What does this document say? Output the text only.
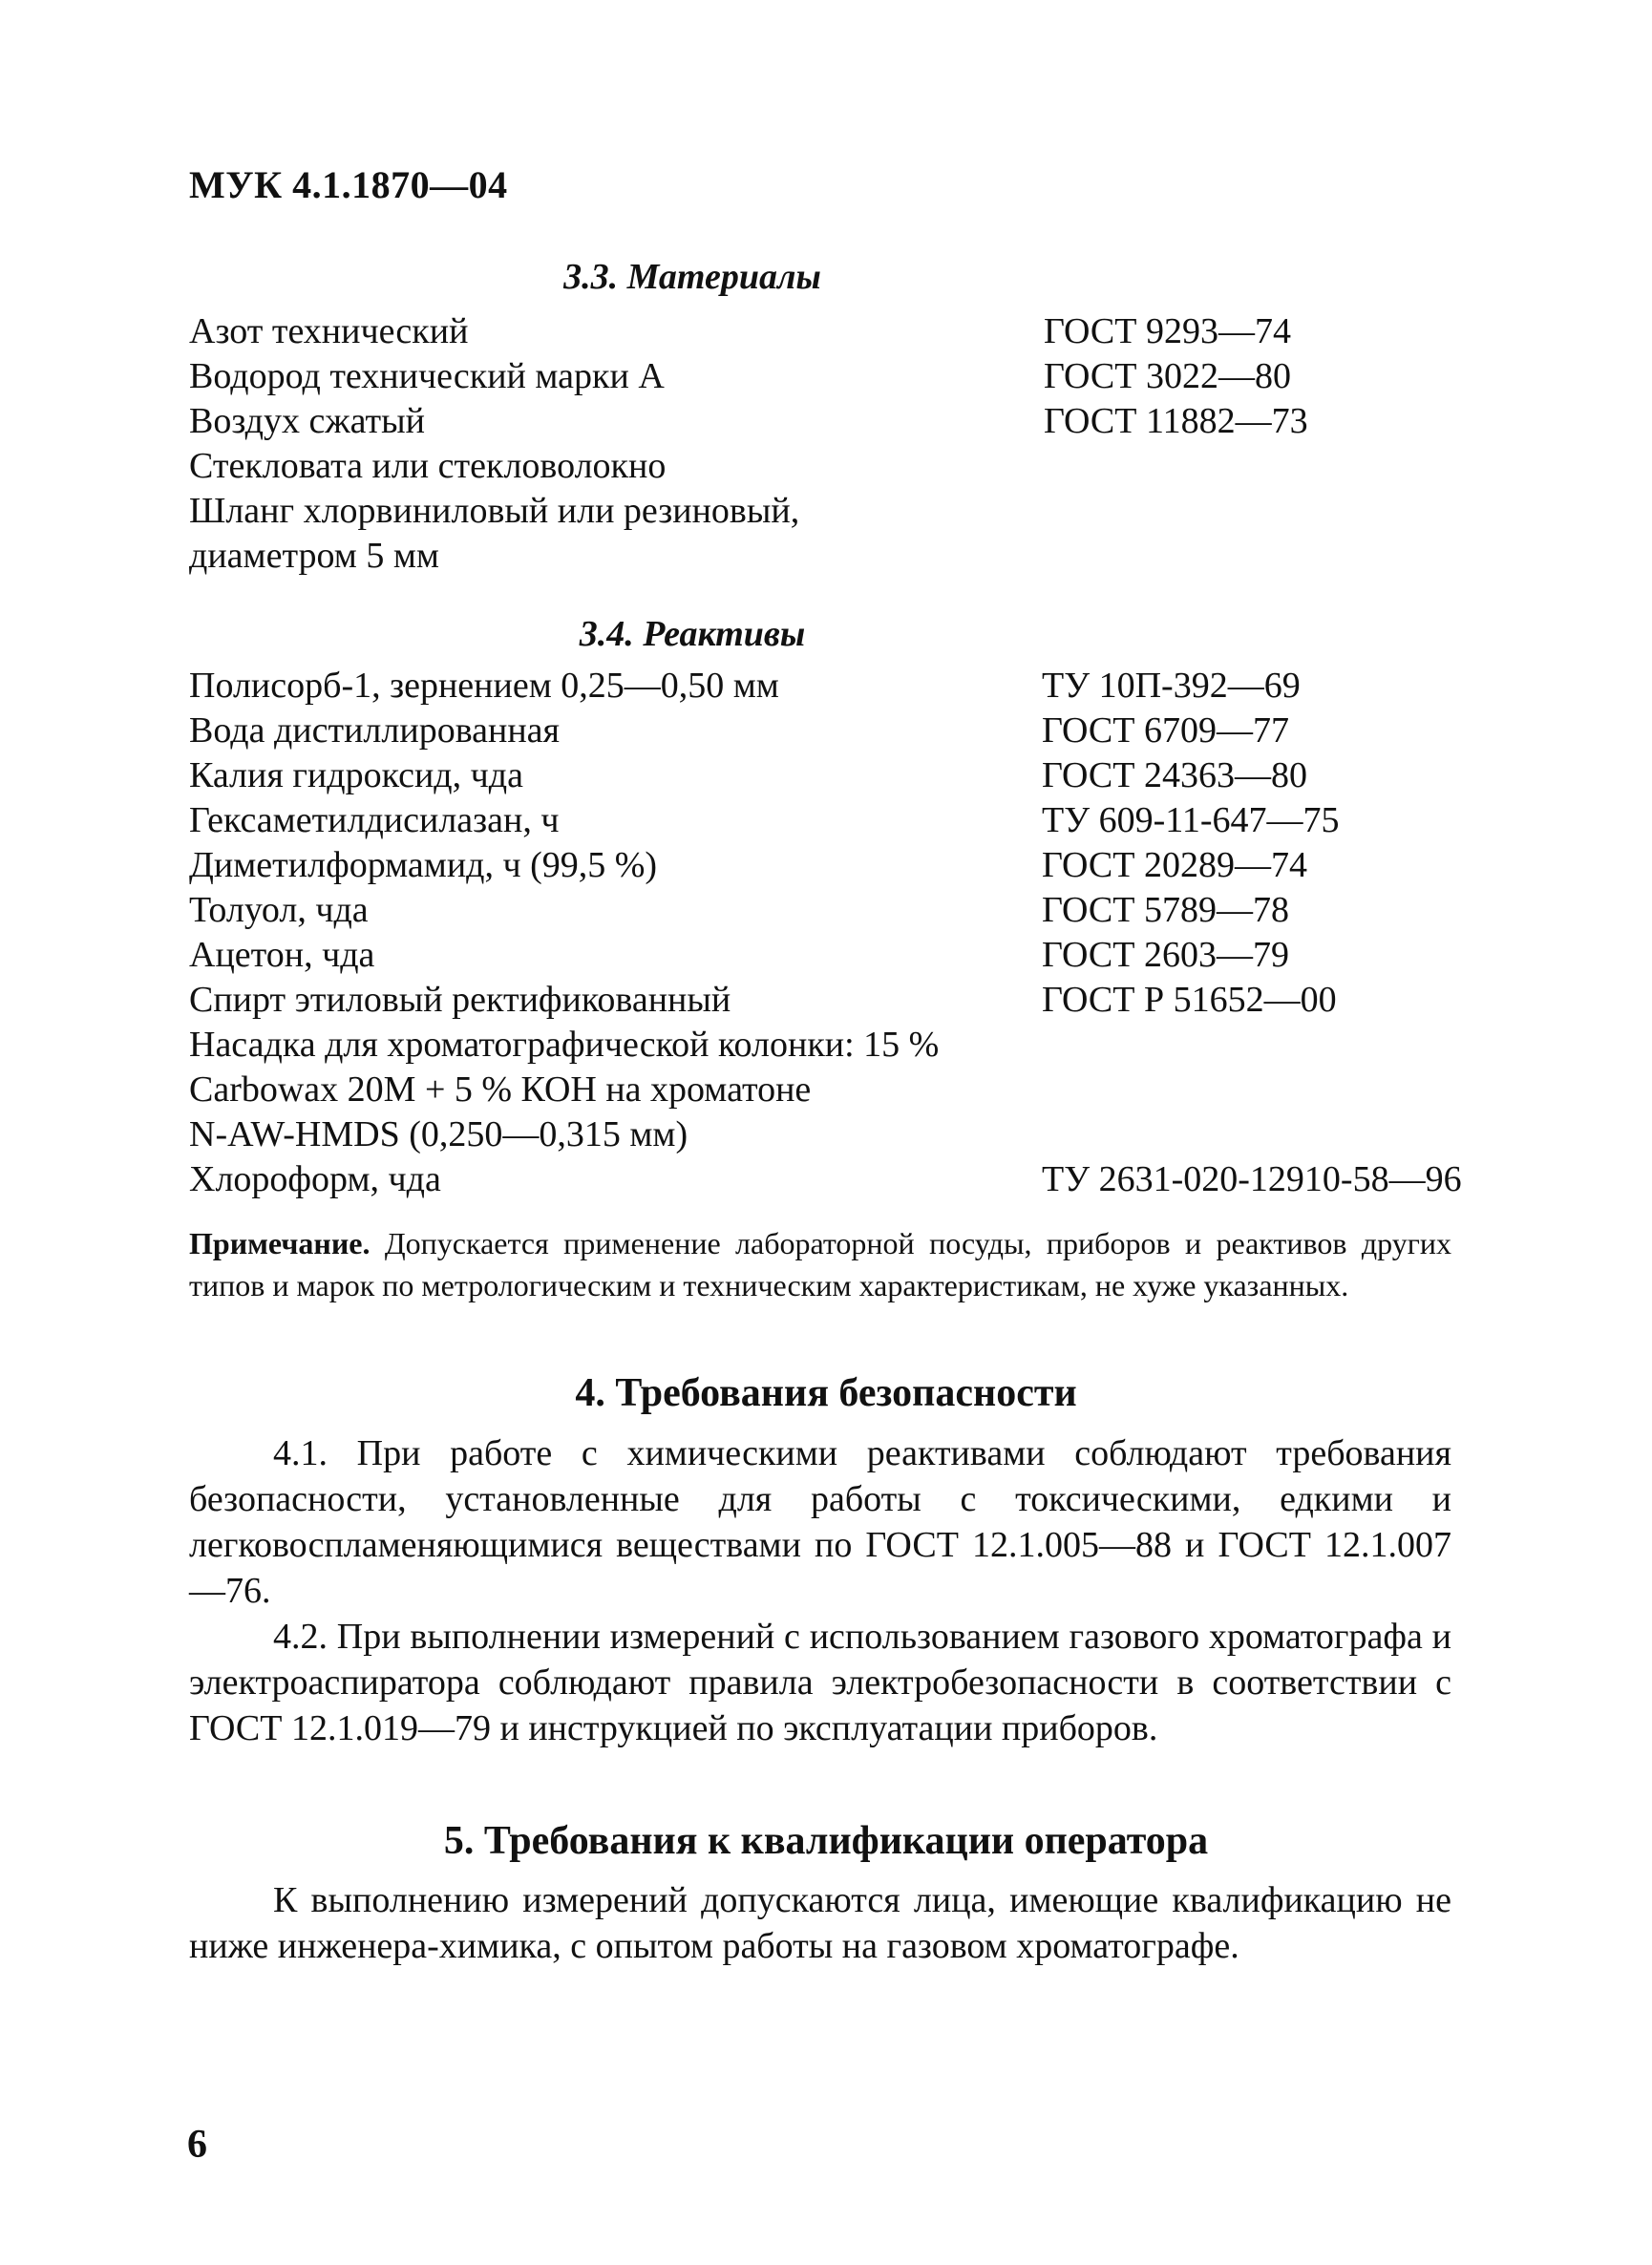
МУК 4.1.1870—04
3.3. Материалы
Азот технический	ГОСТ 9293—74
Водород технический марки А	ГОСТ 3022—80
Воздух сжатый	ГОСТ 11882—73
Стекловата или стекловолокно
Шланг хлорвиниловый или резиновый,
диаметром 5 мм
3.4. Реактивы
Полисорб-1, зернением 0,25—0,50 мм	ТУ 10П-392—69
Вода дистиллированная	ГОСТ 6709—77
Калия гидроксид, чда	ГОСТ 24363—80
Гексаметилдисилазан, ч	ТУ 609-11-647—75
Диметилформамид, ч (99,5 %)	ГОСТ 20289—74
Толуол, чда	ГОСТ 5789—78
Ацетон, чда	ГОСТ 2603—79
Спирт этиловый ректификованный	ГОСТ Р 51652—00
Насадка для хроматографической колонки: 15 %
Carbowax 20M + 5 % КОН на хроматоне
N-AW-HMDS (0,250—0,315 мм)
Хлороформ, чда	ТУ 2631-020-12910-58—96
Примечание. Допускается применение лабораторной посуды, приборов и реактивов других типов и марок по метрологическим и техническим характеристикам, не хуже указанных.
4. Требования безопасности

4.1. При работе с химическими реактивами соблюдают требования безопасности, установленные для работы с токсическими, едкими и легковоспламеняющимися веществами по ГОСТ 12.1.005—88 и ГОСТ 12.1.007—76.

4.2. При выполнении измерений с использованием газового хроматографа и электроаспиратора соблюдают правила электробезопасности в соответствии с ГОСТ 12.1.019—79 и инструкцией по эксплуатации приборов.

5. Требования к квалификации оператора

К выполнению измерений допускаются лица, имеющие квалификацию не ниже инженера-химика, с опытом работы на газовом хроматографе.

6
